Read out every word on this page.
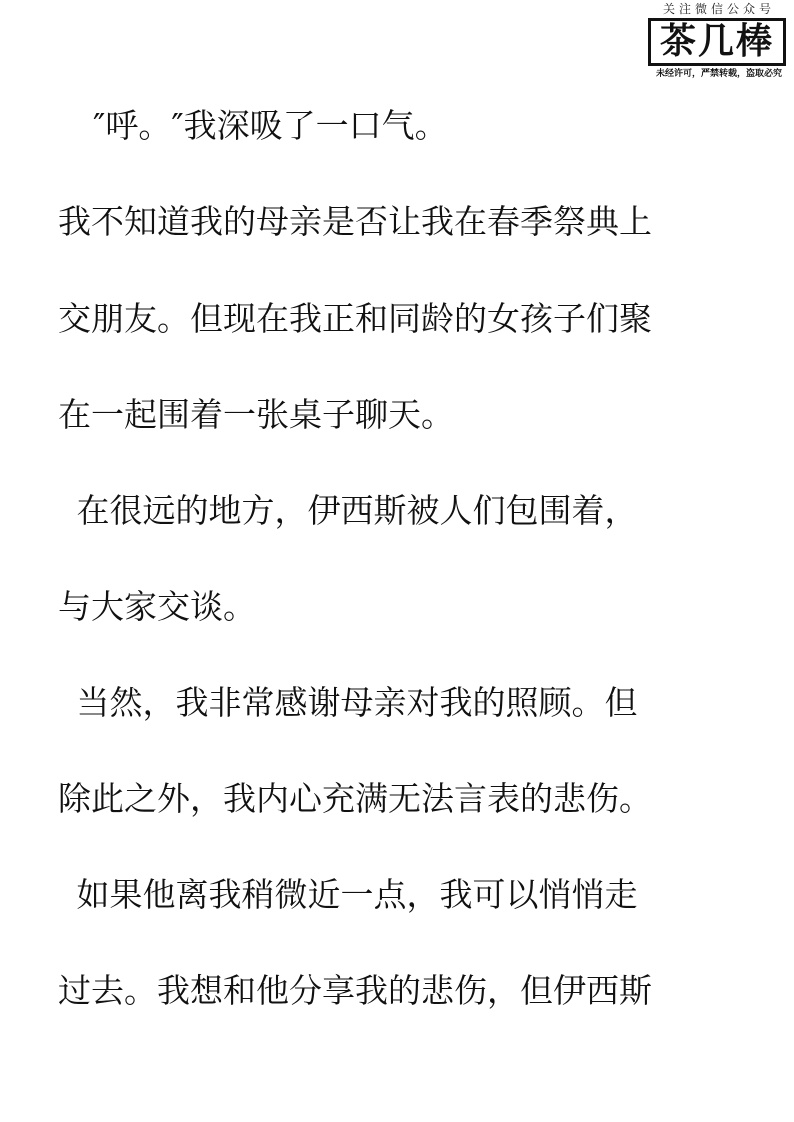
关注微信公众号
茶几棒
未经许可，严禁转载，盗取必究
　″呼。″我深吸了一口气。
我不知道我的母亲是否让我在春季祭典上
交朋友。但现在我正和同龄的女孩子们聚
在一起围着一张桌子聊天。
在很远的地方，伊西斯被人们包围着，
与大家交谈。
当然，我非常感谢母亲对我的照顾。但
除此之外，我内心充满无法言表的悲伤。
如果他离我稍微近一点，我可以悄悄走
过去。我想和他分享我的悲伤，但伊西斯
